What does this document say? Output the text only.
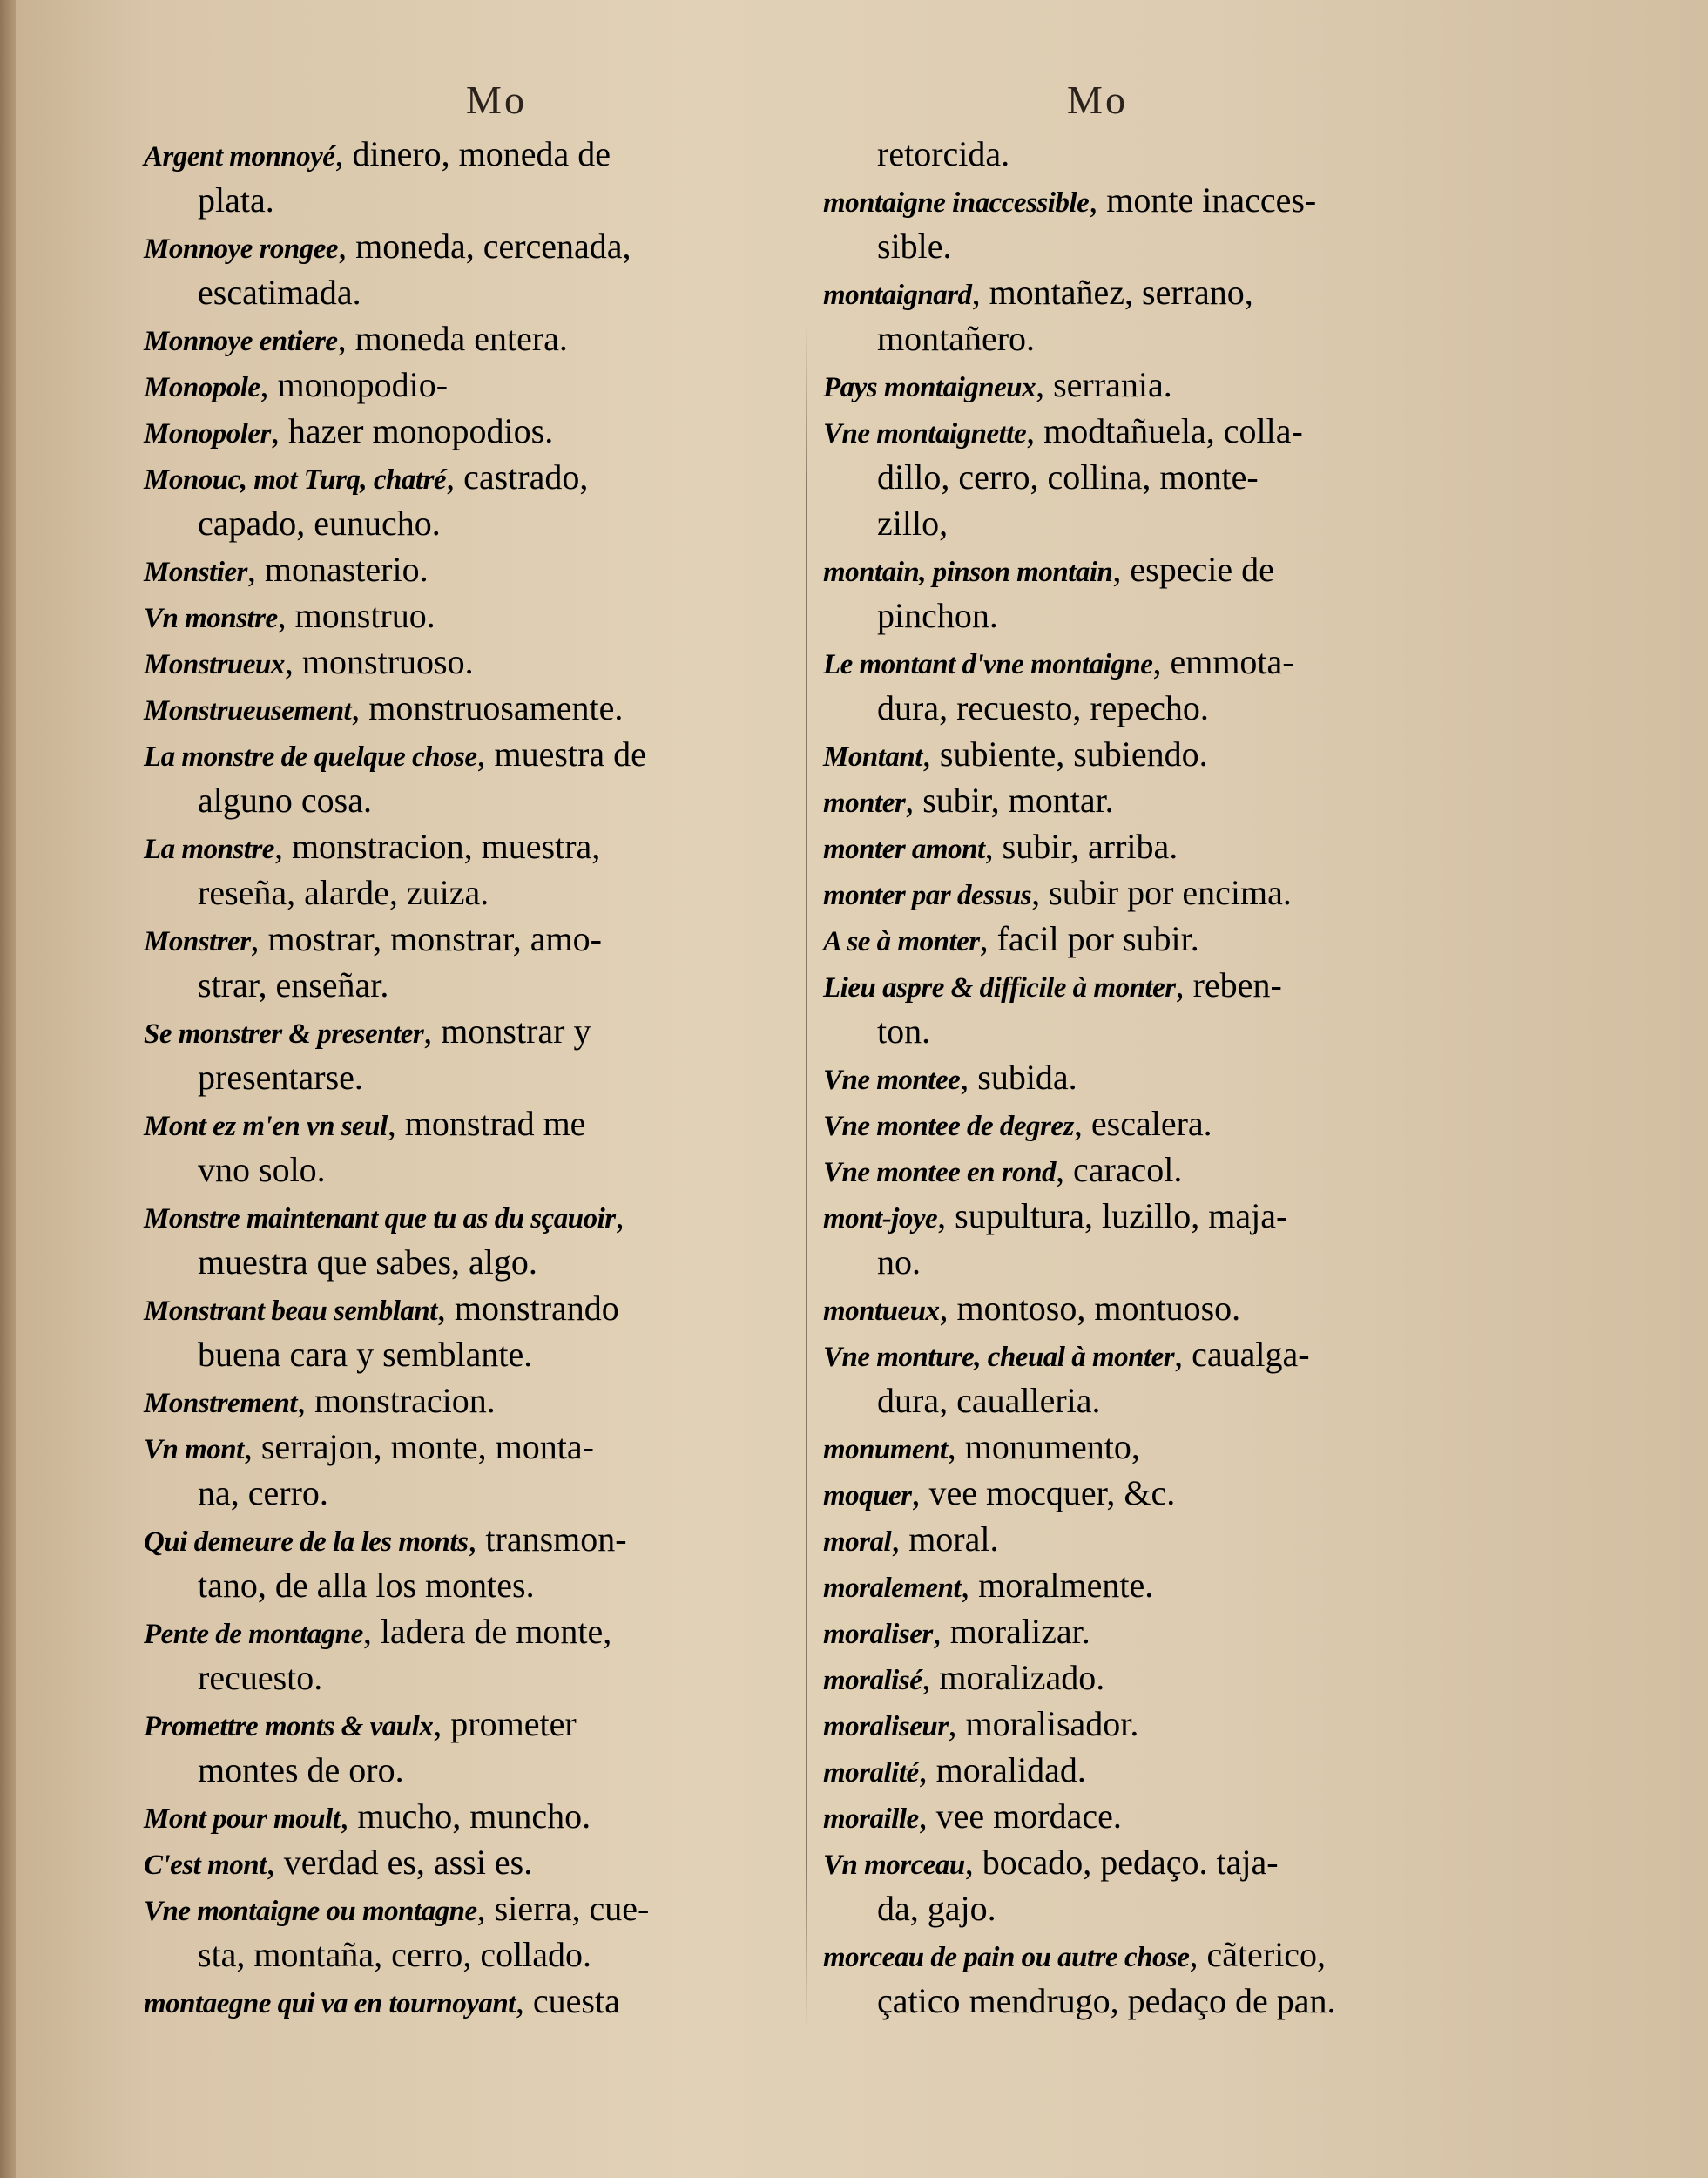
Mo	Mo
Argent monnoyé, dinero, moneda de
plata.
Monnoye rongee, moneda, cercenada,
escatimada.
Monnoye entiere, moneda entera.
Monopole, monopodio-
Monopoler, hazer monopodios.
Monouc, mot Turq, chatré, castrado,
capado, eunucho.
Monstier, monasterio.
Vn monstre, monstruo.
Monstrueux, monstruoso.
Monstrueusement, monstruosamente.
La monstre de quelque chose, muestra de
alguno cosa.
La monstre, monstracion, muestra,
reseña, alarde, zuiza.
Monstrer, mostrar, monstrar, amo-
strar, enseñar.
Se monstrer & presenter, monstrar y
presentarse.
Mont ez m'en vn seul, monstrad me
vno solo.
Monstre maintenant que tu as du sçauoir,
muestra que sabes, algo.
Monstrant beau semblant, monstrando
buena cara y semblante.
Monstrement, monstracion.
Vn mont, serrajon, monte, monta-
na, cerro.
Qui demeure de la les monts, transmon-
tano, de alla los montes.
Pente de montagne, ladera de monte,
recuesto.
Promettre monts & vaulx, prometer
montes de oro.
Mont pour moult, mucho, muncho.
C'est mont, verdad es, assi es.
Vne montaigne ou montagne, sierra, cue-
sta, montaña, cerro, collado.
montaegne qui va en tournoyant, cuesta
retorcida.
montaigne inaccessible, monte inacces-
sible.
montaignard, montañez, serrano,
montañero.
Pays montaigneux, serrania.
Vne montaignette, modtañuela, colla-
dillo, cerro, collina, monte-
zillo,
montain, pinson montain, especie de
pinchon.
Le montant d'vne montaigne, emmota-
dura, recuesto, repecho.
Montant, subiente, subiendo.
monter, subir, montar.
monter amont, subir, arriba.
monter par dessus, subir por encima.
A se à monter, facil por subir.
Lieu aspre & difficile à monter, reben-
ton.
Vne montee, subida.
Vne montee de degrez, escalera.
Vne montee en rond, caracol.
mont-joye, supultura, luzillo, maja-
no.
montueux, montoso, montuoso.
Vne monture, cheual à monter, caualga-
dura, caualleria.
monument, monumento,
moquer, vee mocquer, &c.
moral, moral.
moralement, moralmente.
moraliser, moralizar.
moralisé, moralizado.
moraliseur, moralisador.
moralité, moralidad.
moraille, vee mordace.
Vn morceau, bocado, pedaço. taja-
da, gajo.
morceau de pain ou autre chose, cãterico,
çatico mendrugo, pedaço de pan.
